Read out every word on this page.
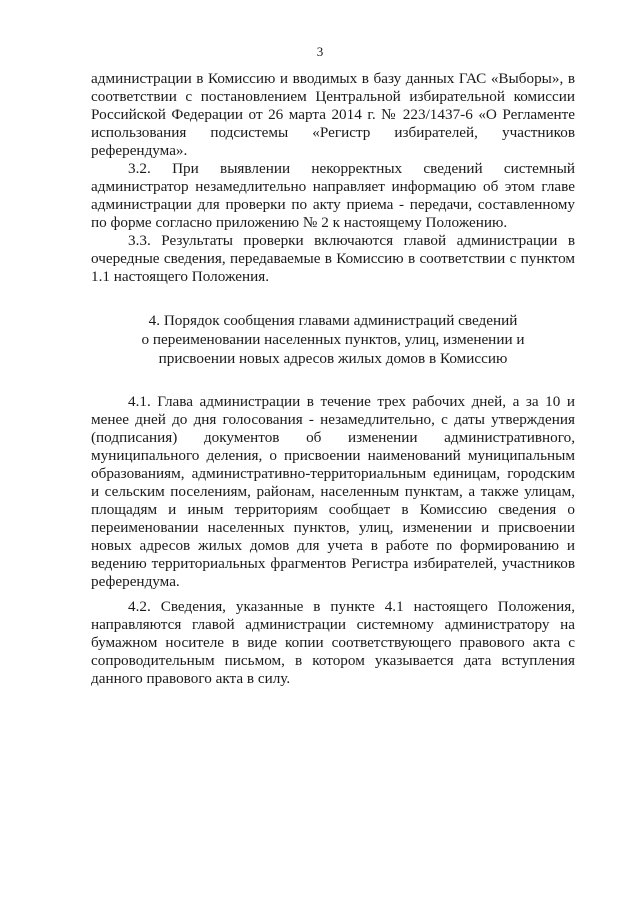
3

администрации в Комиссию и вводимых в базу данных ГАС «Выборы», в соответствии с постановлением Центральной избирательной комиссии Российской Федерации от 26 марта 2014 г. № 223/1437-6 «О Регламенте использования подсистемы «Регистр избирателей, участников референдума».

3.2. При выявлении некорректных сведений системный администратор незамедлительно направляет информацию об этом главе администрации для проверки по акту приема - передачи, составленному по форме согласно приложению № 2 к настоящему Положению.

3.3. Результаты проверки включаются главой администрации в очередные сведения, передаваемые в Комиссию в соответствии с пунктом 1.1 настоящего Положения.

4. Порядок сообщения главами администраций сведений
о переименовании населенных пунктов, улиц, изменении и
присвоении новых адресов жилых домов в Комиссию

4.1. Глава администрации в течение трех рабочих дней, а за 10 и менее дней до дня голосования - незамедлительно, с даты утверждения (подписания) документов об изменении административного, муниципального деления, о присвоении наименований муниципальным образованиям, административно-территориальным единицам, городским и сельским поселениям, районам, населенным пунктам, а также улицам, площадям и иным территориям сообщает в Комиссию сведения о переименовании населенных пунктов, улиц, изменении и присвоении новых адресов жилых домов для учета в работе по формированию и ведению территориальных фрагментов Регистра избирателей, участников референдума.

4.2. Сведения, указанные в пункте 4.1 настоящего Положения, направляются главой администрации системному администратору на бумажном носителе в виде копии соответствующего правового акта с сопроводительным письмом, в котором указывается дата вступления данного правового акта в силу.
